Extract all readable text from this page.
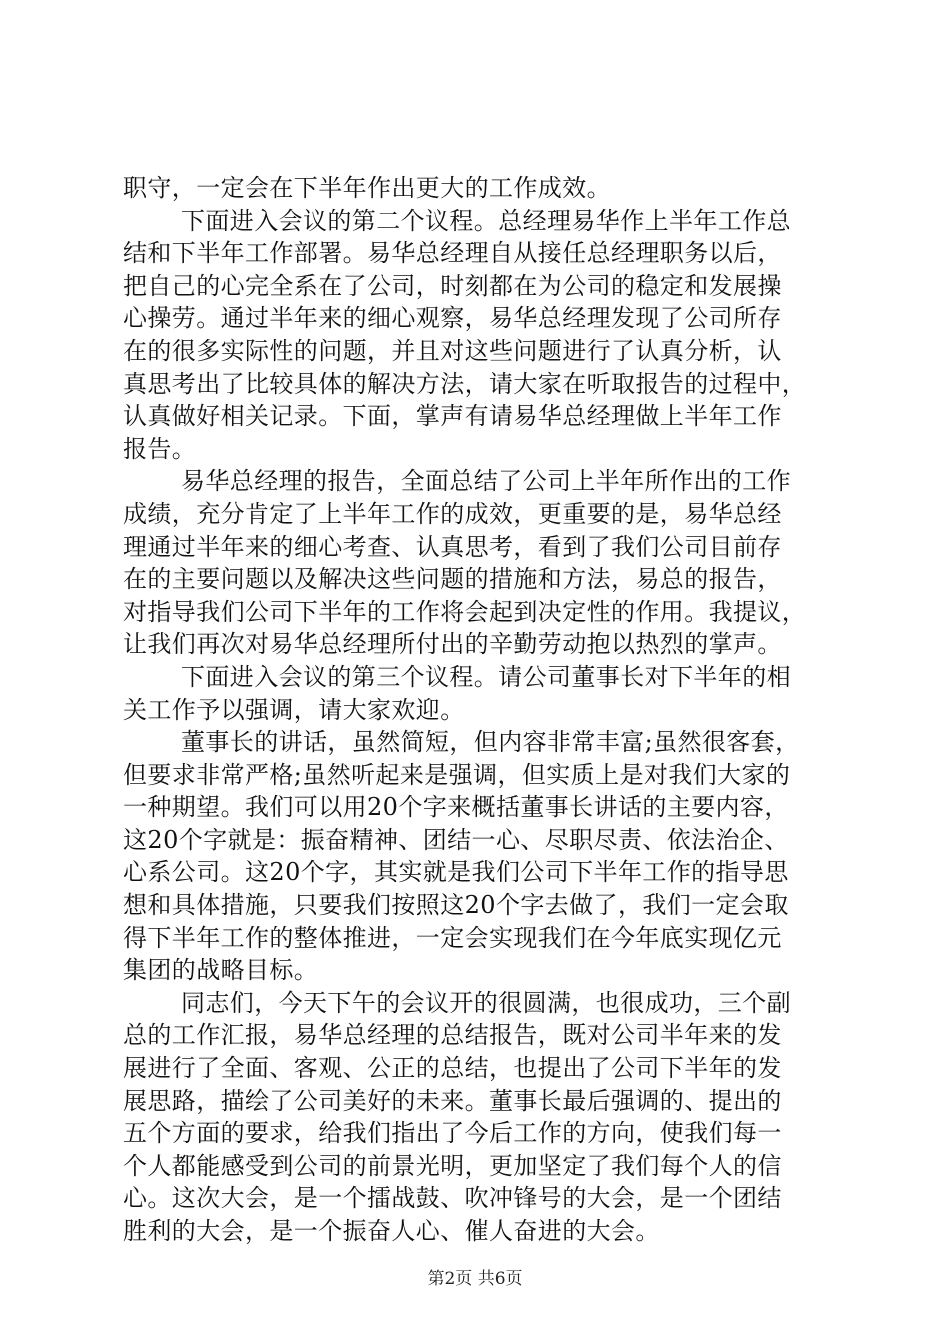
职守，一定会在下半年作出更大的工作成效。
下面进入会议的第二个议程。总经理易华作上半年工作总
结和下半年工作部署。易华总经理自从接任总经理职务以后，
把自己的心完全系在了公司，时刻都在为公司的稳定和发展操
心操劳。通过半年来的细心观察，易华总经理发现了公司所存
在的很多实际性的问题，并且对这些问题进行了认真分析，认
真思考出了比较具体的解决方法，请大家在听取报告的过程中，
认真做好相关记录。下面，掌声有请易华总经理做上半年工作
报告。
易华总经理的报告，全面总结了公司上半年所作出的工作
成绩，充分肯定了上半年工作的成效，更重要的是，易华总经
理通过半年来的细心考查、认真思考，看到了我们公司目前存
在的主要问题以及解决这些问题的措施和方法，易总的报告，
对指导我们公司下半年的工作将会起到决定性的作用。我提议，
让我们再次对易华总经理所付出的辛勤劳动抱以热烈的掌声。
下面进入会议的第三个议程。请公司董事长对下半年的相
关工作予以强调，请大家欢迎。
董事长的讲话，虽然简短，但内容非常丰富;虽然很客套，
但要求非常严格;虽然听起来是强调，但实质上是对我们大家的
一种期望。我们可以用20个字来概括董事长讲话的主要内容，
这20个字就是：振奋精神、团结一心、尽职尽责、依法治企、
心系公司。这20个字，其实就是我们公司下半年工作的指导思
想和具体措施，只要我们按照这20个字去做了，我们一定会取
得下半年工作的整体推进，一定会实现我们在今年底实现亿元
集团的战略目标。
同志们，今天下午的会议开的很圆满，也很成功，三个副
总的工作汇报，易华总经理的总结报告，既对公司半年来的发
展进行了全面、客观、公正的总结，也提出了公司下半年的发
展思路，描绘了公司美好的未来。董事长最后强调的、提出的
五个方面的要求，给我们指出了今后工作的方向，使我们每一
个人都能感受到公司的前景光明，更加坚定了我们每个人的信
心。这次大会，是一个擂战鼓、吹冲锋号的大会，是一个团结
胜利的大会，是一个振奋人心、催人奋进的大会。
第2页 共6页
